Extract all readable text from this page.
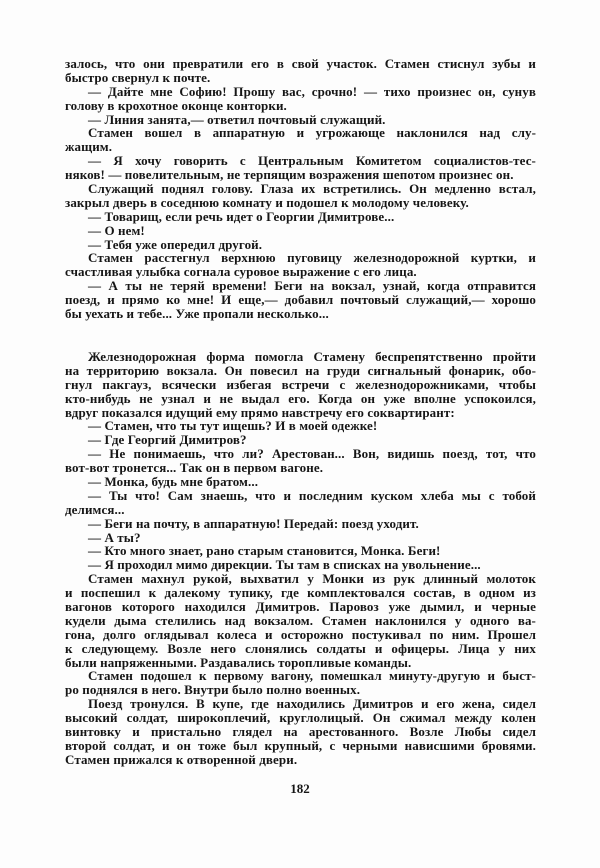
залось, что они превратили его в свой участок. Стамен стиснул зубы и
быстро свернул к почте.
— Дайте мне Софию! Прошу вас, срочно! — тихо произнес он, сунув
голову в крохотное оконце конторки.
— Линия занята,— ответил почтовый служащий.
Стамен вошел в аппаратную и угрожающе наклонился над слу-
жащим.
— Я хочу говорить с Центральным Комитетом социалистов-тес-
няков! — повелительным, не терпящим возражения шепотом произнес он.
Служащий поднял голову. Глаза их встретились. Он медленно встал,
закрыл дверь в соседнюю комнату и подошел к молодому человеку.
— Товарищ, если речь идет о Георгии Димитрове...
— О нем!
— Тебя уже опередил другой.
Стамен расстегнул верхнюю пуговицу железнодорожной куртки, и
счастливая улыбка согнала суровое выражение с его лица.
— А ты не теряй времени! Беги на вокзал, узнай, когда отправится
поезд, и прямо ко мне! И еще,— добавил почтовый служащий,— хорошо
бы уехать и тебе... Уже пропали несколько...
Железнодорожная форма помогла Стамену беспрепятственно пройти
на территорию вокзала. Он повесил на груди сигнальный фонарик, обо-
гнул пакгауз, всячески избегая встречи с железнодорожниками, чтобы
кто-нибудь не узнал и не выдал его. Когда он уже вполне успокоился,
вдруг показался идущий ему прямо навстречу его соквартирант:
— Стамен, что ты тут ищешь? И в моей одежке!
— Где Георгий Димитров?
— Не понимаешь, что ли? Арестован... Вон, видишь поезд, тот, что
вот-вот тронется... Так он в первом вагоне.
— Монка, будь мне братом...
— Ты что! Сам знаешь, что и последним куском хлеба мы с тобой
делимся...
— Беги на почту, в аппаратную! Передай: поезд уходит.
— А ты?
— Кто много знает, рано старым становится, Монка. Беги!
— Я проходил мимо дирекции. Ты там в списках на увольнение...
Стамен махнул рукой, выхватил у Монки из рук длинный молоток
и поспешил к далекому тупику, где комплектовался состав, в одном из
вагонов которого находился Димитров. Паровоз уже дымил, и черные
кудели дыма стелились над вокзалом. Стамен наклонился у одного ва-
гона, долго оглядывал колеса и осторожно постукивал по ним. Прошел
к следующему. Возле него слонялись солдаты и офицеры. Лица у них
были напряженными. Раздавались торопливые команды.
Стамен подошел к первому вагону, помешкал минуту-другую и быст-
ро поднялся в него. Внутри было полно военных.
Поезд тронулся. В купе, где находились Димитров и его жена, сидел
высокий солдат, широкоплечий, круглолицый. Он сжимал между колен
винтовку и пристально глядел на арестованного. Возле Любы сидел
второй солдат, и он тоже был крупный, с черными нависшими бровями.
Стамен прижался к отворенной двери.
182
